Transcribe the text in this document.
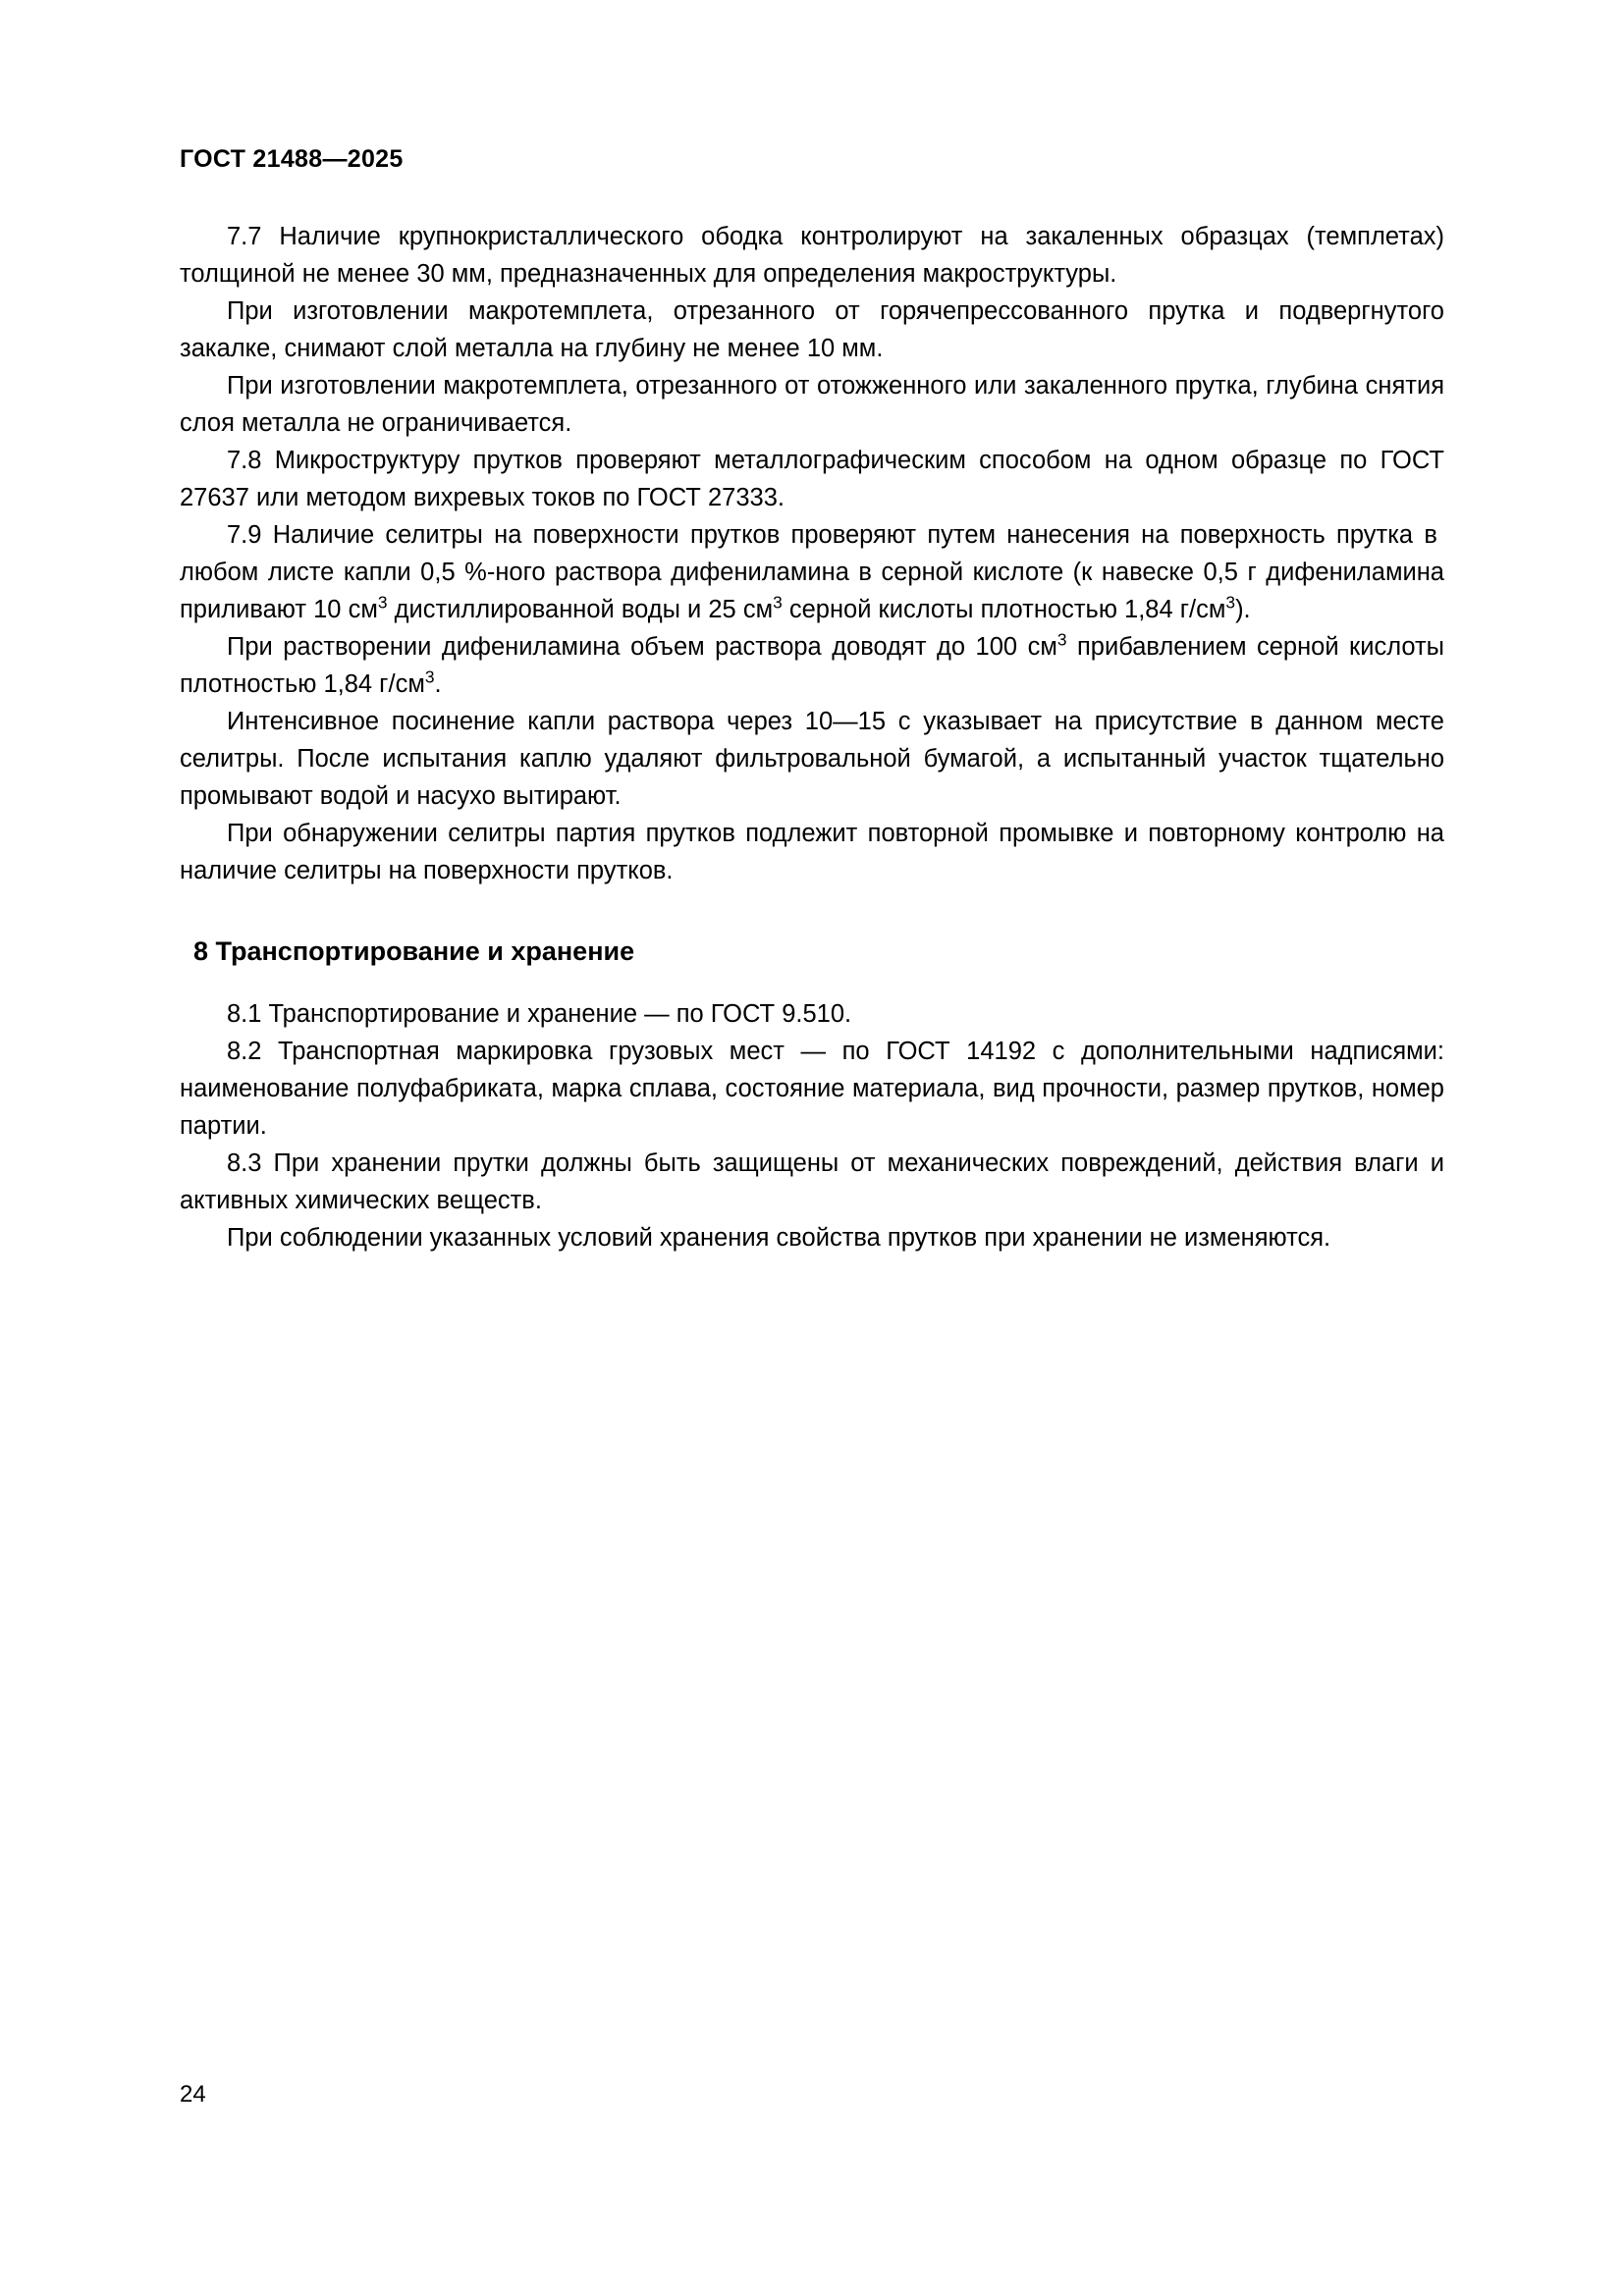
ГОСТ 21488—2025

7.7 Наличие крупнокристаллического ободка контролируют на закаленных образцах (темплетах) толщиной не менее 30 мм, предназначенных для определения макроструктуры.

При изготовлении макротемплета, отрезанного от горячепрессованного прутка и подвергнутого закалке, снимают слой металла на глубину не менее 10 мм.

При изготовлении макротемплета, отрезанного от отожженного или закаленного прутка, глубина снятия слоя металла не ограничивается.

7.8 Микроструктуру прутков проверяют металлографическим способом на одном образце по ГОСТ 27637 или методом вихревых токов по ГОСТ 27333.

7.9 Наличие селитры на поверхности прутков проверяют путем нанесения на поверхность прутка в  любом листе капли 0,5 %-ного раствора дифениламина в серной кислоте (к навеске 0,5 г дифениламина приливают 10 $см^3$ дистиллированной воды и 25 $см^3$ серной кислоты плотностью 1,84 $г/см^3$).

При растворении дифениламина объем раствора доводят до 100 $см^3$ прибавлением серной кислоты плотностью 1,84 $г/см^3$.

Интенсивное посинение капли раствора через 10—15 с указывает на присутствие в данном месте селитры. После испытания каплю удаляют фильтровальной бумагой, а испытанный участок тщательно промывают водой и насухо вытирают.

При обнаружении селитры партия прутков подлежит повторной промывке и повторному контролю на наличие селитры на поверхности прутков.

8 Транспортирование и хранение

8.1 Транспортирование и хранение — по ГОСТ 9.510.

8.2 Транспортная маркировка грузовых мест — по ГОСТ 14192 с дополнительными надписями: наименование полуфабриката, марка сплава, состояние материала, вид прочности, размер прутков, номер партии.

8.3 При хранении прутки должны быть защищены от механических повреждений, действия влаги и активных химических веществ.

При соблюдении указанных условий хранения свойства прутков при хранении не изменяются.

24
